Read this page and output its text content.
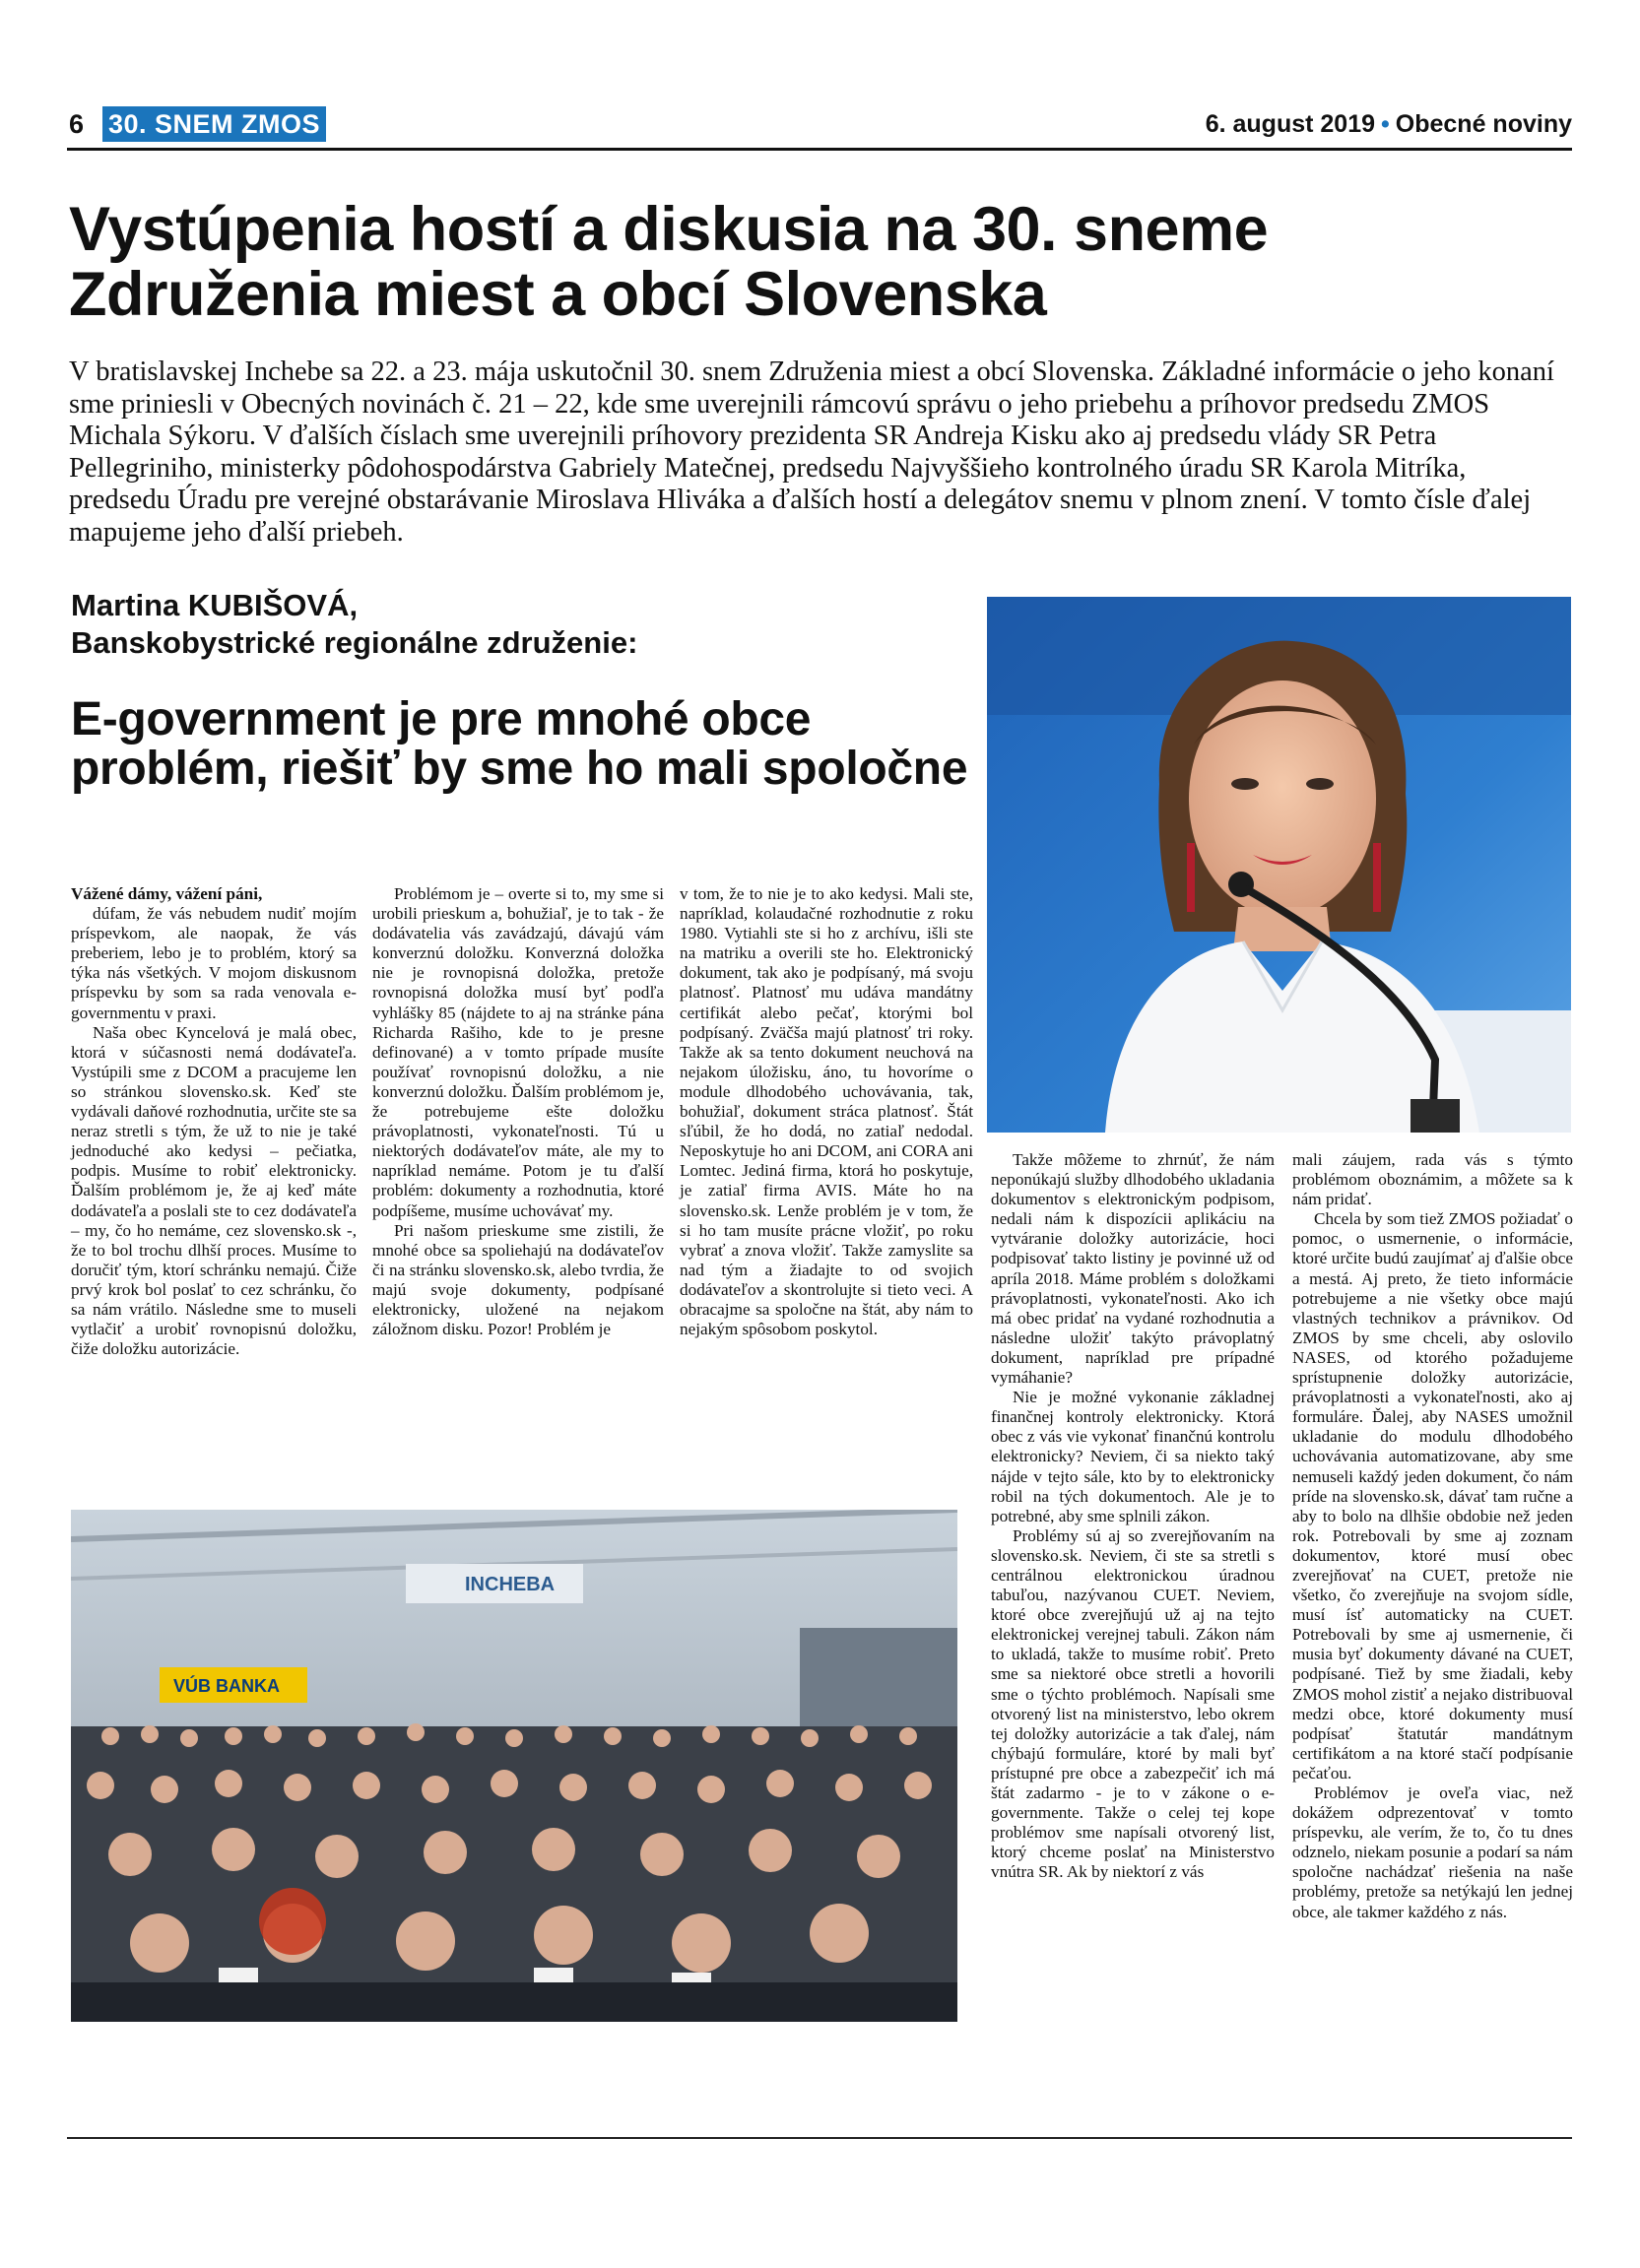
6 30. SNEM ZMOS	6. august 2019 • Obecné noviny
Vystúpenia hostí a diskusia na 30. sneme Združenia miest a obcí Slovenska

V bratislavskej Inchebe sa 22. a 23. mája uskutočnil 30. snem Združenia miest a obcí Slovenska. Základné informácie o jeho konaní sme priniesli v Obecných novinách č. 21 – 22, kde sme uverejnili rámcovú správu o jeho priebehu a príhovor predsedu ZMOS Michala Sýkoru. V ďalších číslach sme uverejnili príhovory prezidenta SR Andreja Kisku ako aj predsedu vlády SR Petra Pellegriniho, ministerky pôdohospodárstva Gabriely Matečnej, predsedu Najvyššieho kontrolného úradu SR Karola Mitríka, predsedu Úradu pre verejné obstarávanie Miroslava Hliváka a ďalších hostí a delegátov snemu v plnom znení. V tomto čísle ďalej mapujeme jeho ďalší priebeh.

Martina KUBIŠOVÁ,
Banskobystrické regionálne združenie:
E-government je pre mnohé obce problém, riešiť by sme ho mali spoločne

Vážené dámy, vážení páni,

dúfam, že vás nebudem nudiť mojím príspevkom, ale naopak, že vás preberiem, lebo je to problém, ktorý sa týka nás všetkých. V mojom diskusnom príspevku by som sa rada venovala e-governmentu v praxi.

Naša obec Kyncelová je malá obec, ktorá v súčasnosti nemá dodávateľa. Vystúpili sme z DCOM a pracujeme len so stránkou slovensko.sk. Keď ste vydávali daňové rozhodnutia, určite ste sa neraz stretli s tým, že už to nie je také jednoduché ako kedysi – pečiatka, podpis. Musíme to robiť elektronicky. Ďalším problémom je, že aj keď máte dodávateľa a poslali ste to cez dodávateľa – my, čo ho nemáme, cez slovensko.sk -, že to bol trochu dlhší proces. Musíme to doručiť tým, ktorí schránku nemajú. Čiže prvý krok bol poslať to cez schránku, čo sa nám vrátilo. Následne sme to museli vytlačiť a urobiť rovnopisnú doložku, čiže doložku autorizácie.

Problémom je – overte si to, my sme si urobili prieskum a, bohužiaľ, je to tak - že dodávatelia vás zavádzajú, dávajú vám konverznú doložku. Konverzná doložka nie je rovnopisná doložka, pretože rovnopisná doložka musí byť podľa vyhlášky 85 (nájdete to aj na stránke pána Richarda Rašiho, kde to je presne definované) a v tomto prípade musíte používať rovnopisnú doložku, a nie konverznú doložku. Ďalším problémom je, že potrebujeme ešte doložku právoplatnosti, vykonateľnosti. Tú u niektorých dodávateľov máte, ale my to napríklad nemáme. Potom je tu ďalší problém: dokumenty a rozhodnutia, ktoré podpíšeme, musíme uchovávať my.

Pri našom prieskume sme zistili, že mnohé obce sa spoliehajú na dodávateľov či na stránku slovensko.sk, alebo tvrdia, že majú svoje dokumenty, podpísané elektronicky, uložené na nejakom záložnom disku. Pozor! Problém je

v tom, že to nie je to ako kedysi. Mali ste, napríklad, kolaudačné rozhodnutie z roku 1980. Vytiahli ste si ho z archívu, išli ste na matriku a overili ste ho. Elektronický dokument, tak ako je podpísaný, má svoju platnosť. Platnosť mu udáva mandátny certifikát alebo pečať, ktorými bol podpísaný. Zväčša majú platnosť tri roky. Takže ak sa tento dokument neuchová na nejakom úložisku, áno, tu hovoríme o module dlhodobého uchovávania, tak, bohužiaľ, dokument stráca platnosť. Štát sľúbil, že ho dodá, no zatiaľ nedodal. Neposkytuje ho ani DCOM, ani CORA ani Lomtec. Jediná firma, ktorá ho poskytuje, je zatiaľ firma AVIS. Máte ho na slovensko.sk. Lenže problém je v tom, že si ho tam musíte prácne vložiť, po roku vybrať a znova vložiť. Takže zamyslite sa nad tým a žiadajte to od svojich dodávateľov a skontrolujte si tieto veci. A obracajme sa spoločne na štát, aby nám to nejakým spôsobom poskytol.

Takže môžeme to zhrnúť, že nám neponúkajú služby dlhodobého ukladania dokumentov s elektronickým podpisom, nedali nám k dispozícii aplikáciu na vytváranie doložky autorizácie, hoci podpisovať takto listiny je povinné už od apríla 2018. Máme problém s doložkami právoplatnosti, vykonateľnosti. Ako ich má obec pridať na vydané rozhodnutia a následne uložiť takýto právoplatný dokument, napríklad pre prípadné vymáhanie?

Nie je možné vykonanie základnej finančnej kontroly elektronicky. Ktorá obec z vás vie vykonať finančnú kontrolu elektronicky? Neviem, či sa niekto taký nájde v tejto sále, kto by to elektronicky robil na tých dokumentoch. Ale je to potrebné, aby sme splnili zákon.

Problémy sú aj so zverejňovaním na slovensko.sk. Neviem, či ste sa stretli s centrálnou elektronickou úradnou tabuľou, nazývanou CUET. Neviem, ktoré obce zverejňujú už aj na tejto elektronickej verejnej tabuli. Zákon nám to ukladá, takže to musíme robiť. Preto sme sa niektoré obce stretli a hovorili sme o týchto problémoch. Napísali sme otvorený list na ministerstvo, lebo okrem tej doložky autorizácie a tak ďalej, nám chýbajú formuláre, ktoré by mali byť prístupné pre obce a zabezpečiť ich má štát zadarmo - je to v zákone o e-governmente. Takže o celej tej kope problémov sme napísali otvorený list, ktorý chceme poslať na Ministerstvo vnútra SR. Ak by niektorí z vás

mali záujem, rada vás s týmto problémom oboznámim, a môžete sa k nám pridať.

Chcela by som tiež ZMOS požiadať o pomoc, o usmernenie, o informácie, ktoré určite budú zaujímať aj ďalšie obce a mestá. Aj preto, že tieto informácie potrebujeme a nie všetky obce majú vlastných technikov a právnikov. Od ZMOS by sme chceli, aby oslovilo NASES, od ktorého požadujeme sprístupnenie doložky autorizácie, právoplatnosti a vykonateľnosti, ako aj formuláre. Ďalej, aby NASES umožnil ukladanie do modulu dlhodobého uchovávania automatizovane, aby sme nemuseli každý jeden dokument, čo nám príde na slovensko.sk, dávať tam ručne a aby to bolo na dlhšie obdobie než jeden rok. Potrebovali by sme aj zoznam dokumentov, ktoré musí obec zverejňovať na CUET, pretože nie všetko, čo zverejňuje na svojom sídle, musí ísť automaticky na CUET. Potrebovali by sme aj usmernenie, či musia byť dokumenty dávané na CUET, podpísané. Tiež by sme žiadali, keby ZMOS mohol zistiť a nejako distribuoval medzi obce, ktoré dokumenty musí podpísať štatutár mandátnym certifikátom a na ktoré stačí podpísanie pečaťou.

Problémov je oveľa viac, než dokážem odprezentovať v tomto príspevku, ale verím, že to, čo tu dnes odznelo, niekam posunie a podarí sa nám spoločne nachádzať riešenia na naše problémy, pretože sa netýkajú len jednej obce, ale takmer každého z nás.

INCHEBA
VÚB BANKA
